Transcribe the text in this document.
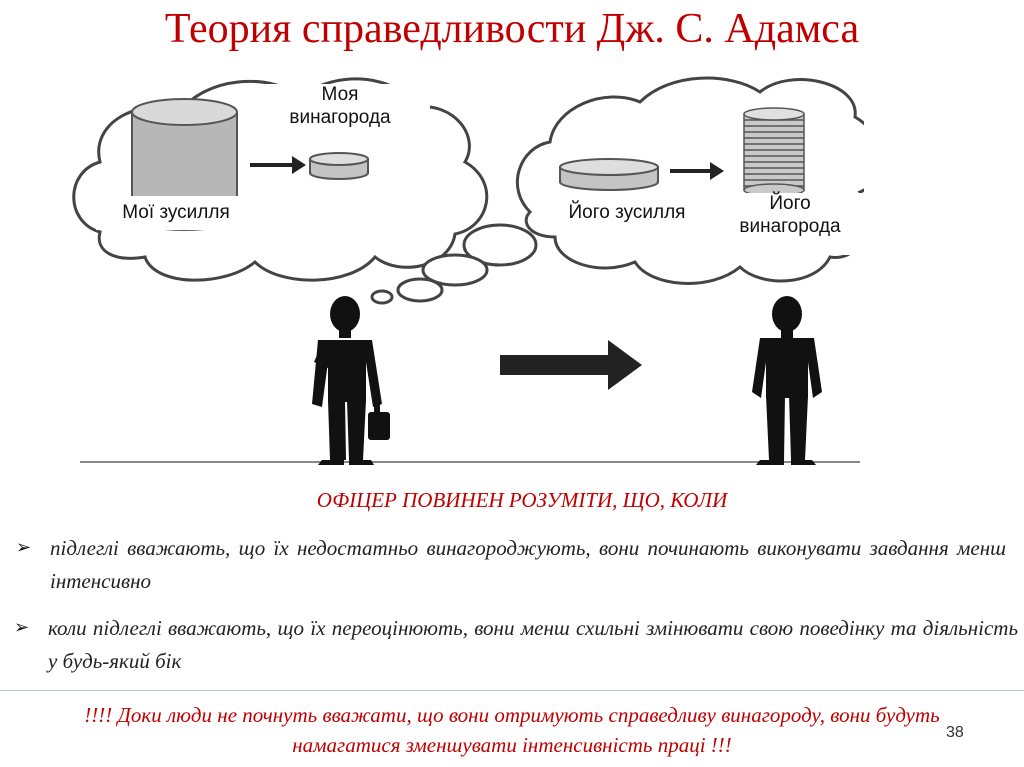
Теория справедливости Дж. С. Адамса
Моя
винагорода
Мої зусилля	Його зусилля	Його
винагорода
ОФІЦЕР ПОВИНЕН РОЗУМІТИ, ЩО, КОЛИ
➢ підлеглі вважають, що їх недостатньо винагороджують, вони починають виконувати завдання менш інтенсивно
➢ коли підлеглі вважають, що їх переоцінюють, вони менш схильні змінювати свою поведінку та діяльність у будь-який бік
!!!! Доки люди не почнуть вважати, що вони отримують справедливу винагороду, вони будуть намагатися зменшувати інтенсивність праці !!!
38
